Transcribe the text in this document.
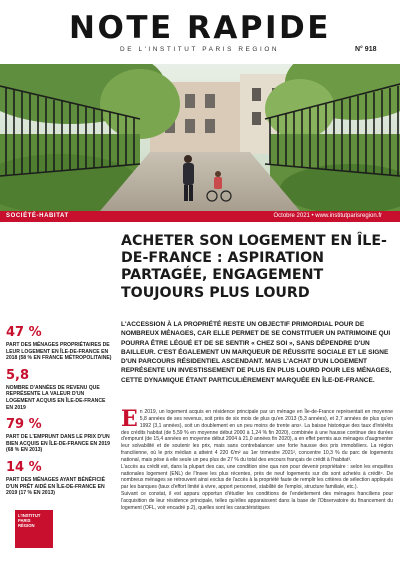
NOTE RAPIDE
DE L'INSTITUT PARIS REGION	N° 918
SOCIÉTÉ-HABITAT	Octobre 2021 • www.institutparisregion.fr
ACHETER SON LOGEMENT EN ÎLE-DE-FRANCE : ASPIRATION PARTAGÉE, ENGAGEMENT TOUJOURS PLUS LOURD

L'ACCESSION À LA PROPRIÉTÉ RESTE UN OBJECTIF PRIMORDIAL POUR DE NOMBREUX MÉNAGES, CAR ELLE PERMET DE SE CONSTITUER UN PATRIMOINE QUI POURRA ÊTRE LÉGUÉ ET DE SE SENTIR « CHEZ SOI », SANS DÉPENDRE D'UN BAILLEUR. C'EST ÉGALEMENT UN MARQUEUR DE RÉUSSITE SOCIALE ET LE SIGNE D'UN PARCOURS RÉSIDENTIEL ASCENDANT. MAIS L'ACHAT D'UN LOGEMENT REPRÉSENTE UN INVESTISSEMENT DE PLUS EN PLUS LOURD POUR LES MÉNAGES, CETTE DYNAMIQUE ÉTANT PARTICULIÈREMENT MARQUÉE EN ÎLE-DE-FRANCE.

47 %
PART DES MÉNAGES PROPRIÉTAIRES DE LEUR LOGEMENT EN ÎLE-DE-FRANCE EN 2018 (58 % EN FRANCE MÉTROPOLITAINE)
5,8
NOMBRE D'ANNÉES DE REVENU QUE REPRÉSENTE LA VALEUR D'UN LOGEMENT ACQUIS EN ÎLE-DE-FRANCE EN 2019
79 %
PART DE L'EMPRUNT DANS LE PRIX D'UN BIEN ACQUIS EN ÎLE-DE-FRANCE EN 2019 (68 % EN 2013)
14 %
PART DES MÉNAGES AYANT BÉNÉFICIÉ D'UN PRÊT AIDÉ EN ÎLE-DE-FRANCE EN 2019 (17 % EN 2013)
L'INSTITUT
PARIS
RÉGION

E n 2019, un logement acquis en résidence principale par un ménage en Île-de-France représentait en moyenne 5,8 années de ses revenus, soit près de six mois de plus qu'en 2013 (5,3 années), et 2,7 années de plus qu'en 1992 (3,1 années), soit un doublement en un peu moins de trente ans¹. La baisse historique des taux d'intérêts des crédits habitat (de 5,59 % en moyenne début 2000 à 1,24 % fin 2020), combinée à une hausse continue des durées d'emprunt (de 15,4 années en moyenne début 2004 à 21,0 années fin 2020), a en effet permis aux ménages d'augmenter leur solvabilité et de soutenir les prix, mais sans contrebalancer une forte hausse des prix immobiliers. La région francilienne, où le prix médian a atteint 4 220 €/m² au 1er trimestre 2021², concentre 10,3 % du parc de logements national, mais pèse à elle seule un peu plus de 27 % du total des encours français de crédit à l'habitat³.

L'accès au crédit est, dans la plupart des cas, une condition sine qua non pour devenir propriétaire : selon les enquêtes nationales logement (ENL) de l'Insee les plus récentes, près de neuf logements sur dix sont achetés à crédit⁴. De nombreux ménages se retrouvent ainsi exclus de l'accès à la propriété faute de remplir les critères de sélection appliqués par les banques (taux d'effort limité à vivre, apport personnel, stabilité de l'emploi, structure familiale, etc.).

Suivant ce constat, il est apparu opportun d'étudier les conditions de l'endettement des ménages franciliens pour l'acquisition de leur résidence principale, telles qu'elles apparaissent dans la base de l'Observatoire du financement du logement (OFL, voir encadré p.2), quelles sont les caractéristiques
